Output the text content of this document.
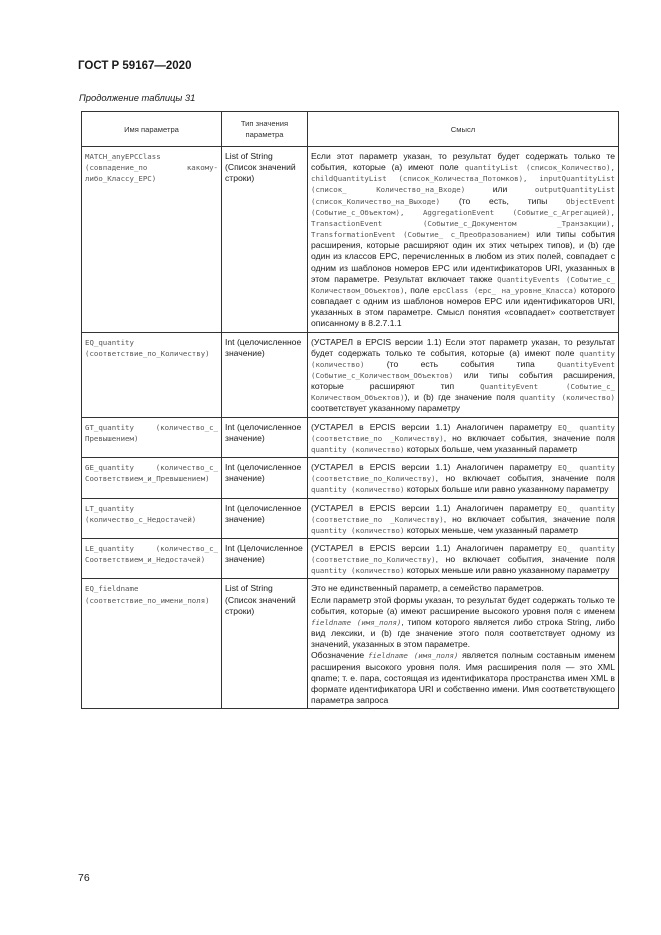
ГОСТ Р 59167—2020
Продолжение таблицы 31
Имя параметра	Тип значения параметра	Смысл
MATCH_anyEPCClass (совпадение_по какому-либо_Классу_EPC)	List of String (Список значений строки)	Если этот параметр указан, то результат будет содержать только те события, которые (a) имеют поле quantityList (список_Количество), childQuantityList (список_Количества_Потомков), inputQuantityList (список_ Количество_на_Входе) или outputQuantityList (список_Количество_на_Выходе) (то есть, типы ObjectEvent (Событие_с_Объектом), AggregationEvent (Событие_с_Агрегацией), TransactionEvent (Событие_с_Документом _Транзакции), TransformationEvent (Событие_ с_Преобразованием) или типы события расширения, которые расширяют один их этих четырех типов), и (b) где один из классов EPC, перечисленных в любом из этих полей, совпадает с одним из шаблонов номеров EPC или идентификаторов URI, указанных в этом параметре. Результат включает также QuantityEvents (Событие_с_ Количеством_Объектов), поле epcClass (epc_ на_уровне_Класса) которого совпадает с одним из шаблонов номеров EPC или идентификаторов URI, указанных в этом параметре. Смысл понятия «совпадает» соответствует описанному в 8.2.7.1.1
EQ_quantity (соответствие_по_Количеству)	Int (целочисленное значение)	(УСТАРЕЛ в EPCIS версии 1.1) Если этот параметр указан, то результат будет содержать только те события, которые (a) имеют поле quantity (количество) (то есть события типа QuantityEvent (Событие_с_Количеством_Объектов) или типы события расширения, которые расширяют тип QuantityEvent (Событие_с_ Количеством_Объектов)), и (b) где значение поля quantity (количество) соответствует указанному параметру
GT_quantity (количество_с_ Превышением)	Int (целочисленное значение)	(УСТАРЕЛ в EPCIS версии 1.1) Аналогичен параметру EQ_ quantity (соответствие_по _Количеству), но включает события, значение поля quantity (количество) которых больше, чем указанный параметр
GE_quantity (количество_с_ Соответствием_и_Превышением)	Int (целочисленное значение)	(УСТАРЕЛ в EPCIS версии 1.1) Аналогичен параметру EQ_ quantity (соответствие_по_Количеству), но включает события, значение поля quantity (количество) которых больше или равно указанному параметру
LT_quantity (количество_с_Недостачей)	Int (целочисленное значение)	(УСТАРЕЛ в EPCIS версии 1.1) Аналогичен параметру EQ_ quantity (соответствие_по _Количеству), но включает события, значение поля quantity (количество) которых меньше, чем указанный параметр
LE_quantity (количество_с_ Соответствием_и_Недостачей)	Int (Целочисленное значение)	(УСТАРЕЛ в EPCIS версии 1.1) Аналогичен параметру EQ_ quantity (соответствие_по_Количеству), но включает события, значение поля quantity (количество) которых меньше или равно указанному параметру
EQ_fieldname (соответствие_по_имени_поля)	List of String (Список значений строки)	Это не единственный параметр, а семейство параметров.
Если параметр этой формы указан, то результат будет содержать только те события, которые (a) имеют расширение высокого уровня поля с именем fieldname (имя_поля), типом которого является либо строка String, либо вид лексики, и (b) где значение этого поля соответствует одному из значений, указанных в этом параметре.
Обозначение fieldname (имя_поля) является полным составным именем расширения высокого уровня поля. Имя расширения поля — это XML qname; т. е. пара, состоящая из идентификатора пространства имен XML в формате идентификатора URI и собственно имени. Имя соответствующего параметра запроса
76
